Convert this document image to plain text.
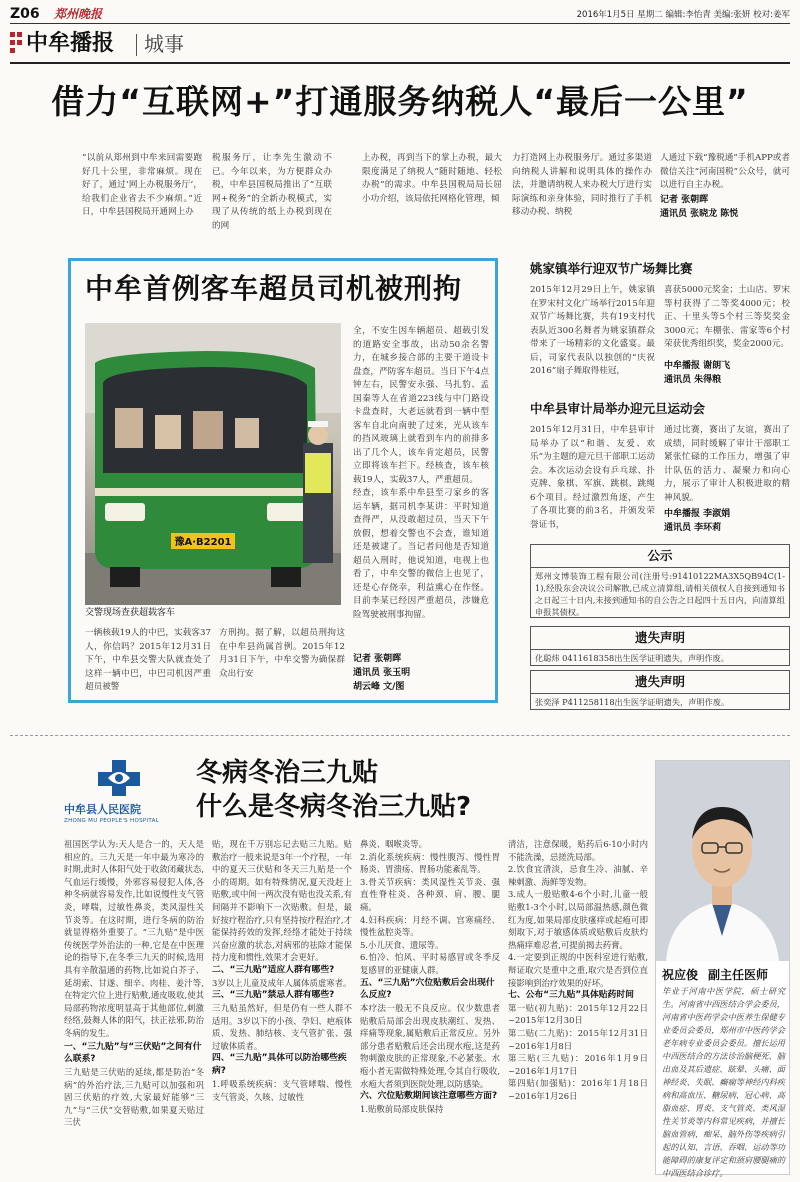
Z06 郑州晚报	2016年1月5日 星期二 编辑:李怡青 美编:张妍 校对:姜军
中牟播报 城事
借力“互联网+”打通服务纳税人“最后一公里”
“以前从郑州到中牟来回需要跑好几十公里，非常麻烦。现在好了，通过‘网上办税服务厅’，给我们企业省去不少麻烦。”近日，中牟县国税局开通网上办
税服务厅，让李先生激动不已。今年以来，为方便群众办税，中牟县国税局推出了“互联网+税务”的全新办税模式，实现了从传统的纸上办税到现在的网
上办税，再到当下的掌上办税，最大限度满足了纳税人“随时随地、轻松办税”的需求。中牟县国税局局长屈小功介绍，该局依托网格化管理，倾
力打造网上办税服务厅。通过多渠道向纳税人讲解和说明具体的操作办法，并邀请纳税人来办税大厅进行实际演练和亲身体验，同时推行了手机移动办税、纳税
人通过下载“豫税通”手机APP或者微信关注“河南国税”公众号，就可以进行自主办税。
记者 张朝晖
通讯员 张晓龙 陈悦
中牟首例客车超员司机被刑拘
豫A·B2201
交警现场查获超载客车
全，不安生因车辆超员、超载引发的道路安全事故，出动50余名警力，在城乡接合部的主要干道设卡盘查，严防客车超员。当日下午4点钟左右，民警安永强、马扎豹、孟国秦等人在省道223线与中门路设卡盘查时，大老远就看到一辆中型客车自北向南驶了过来，光从该车的挡风玻璃上就看到车内的前排多出了几个人，该车肯定超员，民警立即将该车拦下。经核查，该车核载19人，实载37人，严重超员。
经查，该车系中牟县至刁家乡的客运车辆，据司机李某讲：平时知道查得严，从没敢超过员，当天下午放假，想着交警也不会查，谁知道还是被逮了。当记者问他是否知道超员入刑时，他说知道，电视上也看了，中牟交警的微信上也见了，还是心存侥幸，利益熏心在作怪。目前李某已经因严重超员，涉嫌危险驾驶被刑事拘留。
一辆核载19人的中巴，实载客37人，你信吗？2015年12月31日下午，中牟县交警大队就查处了这样一辆中巴，中巴司机因严重超员被警
方刑拘。据了解，以超员刑拘这在中牟县尚属首例。2015年12月31日下午，中牟交警为确保群众出行安
记者 张朝晖
通讯员 张玉明
胡云峰 文/图
姚家镇举行迎双节广场舞比赛
2015年12月29日上午，姚家镇在罗宋村文化广场举行2015年迎双节广场舞比赛，共有19支村代表队近300名舞者为姚家镇群众带来了一场精彩的文化盛宴。最后，司家代表队以独创的“庆祝2016”扇子舞取得桂冠，
喜获5000元奖金；土山店、罗宋等村获得了二等奖4000元；校正、十里头等5个村三等奖奖金3000元；车棚张、雷家等6个村荣获优秀组织奖，奖金2000元。
中牟播报 谢朗飞
通讯员 朱得粮
中牟县审计局举办迎元旦运动会
2015年12月31日，中牟县审计局举办了以“和谐、友爱、欢乐”为主题的迎元旦干部职工运动会。本次运动会设有乒乓球、扑克牌、象棋、军旗、跳棋、跳绳6个项目。经过激烈角逐，产生了各项比赛的前3名，并颁发荣誉证书，
通过比赛，赛出了友谊，赛出了成绩，同时缓解了审计干部职工紧张忙碌的工作压力，增强了审计队伍的活力、凝聚力和向心力，展示了审计人积极进取的精神风貌。
中牟播报 李淑娟
通讯员 李环莉
公示
郑州文博装饰工程有限公司(注册号:91410122MA3X5QB94C(1-1),经股东会决议公司解散,已成立清算组,请相关债权人自接到通知书之日起三十日内,未接到通知书的自公告之日起四十五日内，向清算组申报其债权。
遗失声明
化聪炜 0411618358出生医学证明遗失，声明作废。
遗失声明
张奕泽 P411258118出生医学证明遗失，声明作废。
中牟县人民医院
ZHONG MU PEOPLE'S HOSPITAL
冬病冬治三九贴
什么是冬病冬治三九贴?
祖国医学认为:天人是合一的，天人是相应的。三九天是一年中最为寒冷的时期,此时人体阳气处于收敛闭藏状态,气血运行缓慢，外邪容易侵犯人体,各种冬病就容易发作,比如说慢性支气管炎，哮喘，过敏性鼻炎，类风湿性关节炎等。在这时期，进行冬病的防治就显得格外重要了。“三九贴”是中医传统医学外治法的一种,它是在中医理论的指导下,在冬季三九天的时候,选用具有辛散温通的药物,比如说白芥子、延胡索、甘遂、细辛、肉桂、姜汁等,在特定穴位上进行贴敷,通皮吸收,使其局部药物浓度明显高于其他部位,刺激经络,鼓舞人体的阳气，扶正祛邪,防治冬病的发生。
一、“三九贴”与“三伏贴”之间有什么联系?
三九贴是三伏贴的延续,都是防治“冬病”的外治疗法,三九贴可以加强和巩固三伏贴的疗效,大家最好能够“三九”与“三伏”交替贴敷,如果夏天贴过三伏
贴，现在千万别忘记去贴三九贴。贴敷治疗一般来说是3年一个疗程，一年中的夏天三伏贴和冬天三九贴是一个小的周期。如有特殊情况,夏天没赶上贴敷,或中间一两次没有贴也没关系,有间隔并不影响下一次贴敷。但是，最好按疗程治疗,只有坚持按疗程治疗,才能保持药效的发挥,经络才能处于持续兴奋应激的状态,对病邪的祛除才能保持力度和惯性,效果才会更好。
二、“三九贴”适应人群有哪些?
3岁以上儿童及成年人属体质虚寒者。
三、“三九贴”禁忌人群有哪些?
三九贴虽然好，但是仍有一些人群不适用。3岁以下的小孩、孕妇、疤痕体质、发热、肺结核、支气管扩张、强过敏体质者。
四、“三九贴”具体可以防治哪些疾病?
1.呼吸系统疾病：支气管哮喘、慢性支气管炎、久咳、过敏性
鼻炎、咽喉炎等。
2.消化系统疾病：慢性腹泻、慢性胃肠炎、胃溃疡、胃肠功能紊乱等。
3.骨关节疾病：类风湿性关节炎、强直性脊柱炎、各种颈、肩、腰、腿痛。
4.妇科疾病：月经不调、宫寒痛经、慢性盆腔炎等。
5.小儿厌食、遗尿等。
6.怕冷、怕风、平时易感冒或冬季反复感冒的亚健康人群。
五、“三九贴”穴位贴敷后会出现什么反应?
本疗法一般无不良反应。仅少数患者贴敷后局部会出现皮肤潮红、发热、痒痛等现象,属贴敷后正常反应。另外部分患者贴敷后还会出现水疱,这是药物刺激皮肤的正常现象,不必紧张。水疱小者无需做特殊处理,令其自行吸收,水疱大者须到医院处理,以防感染。
六、穴位贴敷期间该注意哪些方面?
1.贴敷前局部皮肤保持
清洁，注意保暖，贴药后6-10小时内不能洗澡，忌搓洗局部。
2.饮食宜清淡，忌食生冷、油腻、辛辣刺激、海鲜等发物。
3.成人一般贴敷4-6个小时,儿童一般贴敷1-3个小时,以局部温热感,颜色微红为度,如果局部皮肤瘙痒或起疱可即刻取下,对于敏感体质或贴敷后皮肤灼热痛痒难忍者,可提前揭去药膏。
4.一定要到正规的中医科室进行贴敷,辩证取穴是重中之重,取穴是否到位直接影响到治疗效果的好坏。
七、公布“三九贴”具体贴药时间
第一贴(初九贴)：2015年12月22日~2015年12月30日
第二贴(二九贴)：2015年12月31日~2016年1月8日
第三贴(三九贴)：2016年1月9日~2016年1月17日
第四贴(加强贴)：2016年1月18日~2016年1月26日
祝应俊 副主任医师
毕业于河南中医学院，硕士研究生。河南省中西医结合学会委员，河南省中医药学会中医养生保健专业委员会委员，郑州市中医药学会老年病专业委员会委员。擅长运用中西医结合的方法诊治脑梗死、脑出血及其后遗症、眩晕、头痛、面神经炎、失眠、癫痫等神经内科疾病和高血压、糖尿病、冠心病、高脂血症、胃炎、支气管炎、类风湿性关节炎等内科常见疾病，并擅长脑血管病、痴呆、脑外伤等疾病引起的认知、言语、吞咽、运动等功能障碍的康复评定和颈肩腰腿痛的中西医结合诊疗。
